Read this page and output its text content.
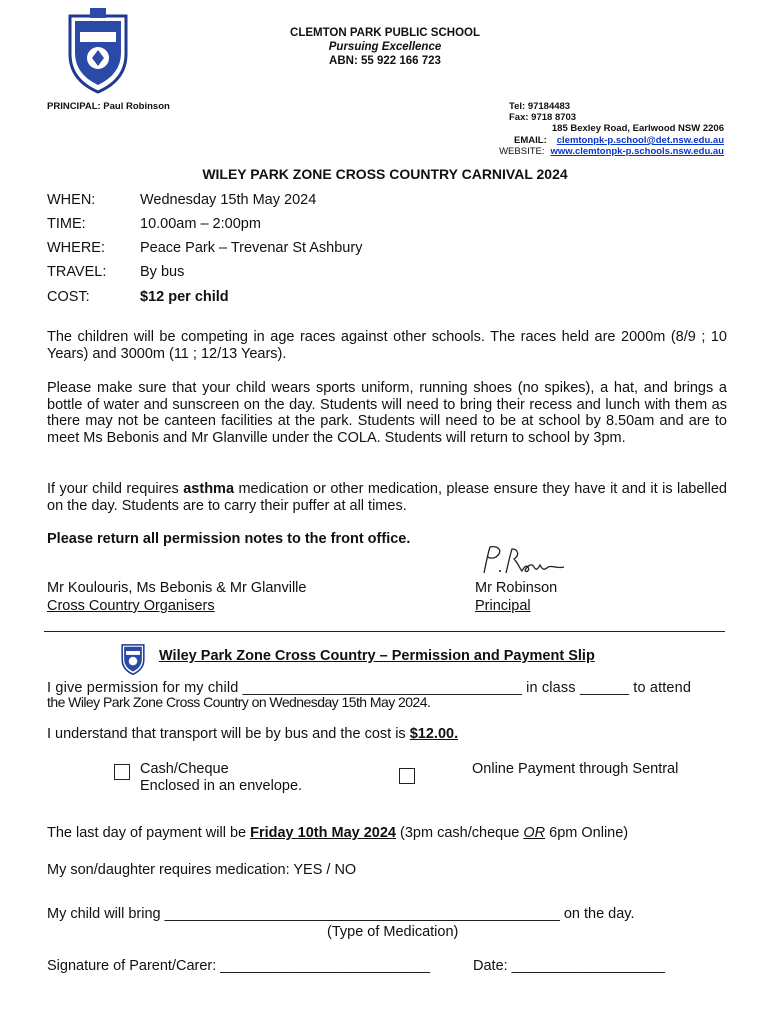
CLEMTON PARK PUBLIC SCHOOL
Pursuing Excellence
ABN: 55 922 166 723
PRINCIPAL: Paul Robinson	Tel: 97184483
Fax: 9718 8703
185 Bexley Road, Earlwood NSW 2206
EMAIL: clemtonpk-p.school@det.nsw.edu.au
WEBSITE: www.clemtonpk-p.schools.nsw.edu.au
WILEY PARK ZONE CROSS COUNTRY CARNIVAL 2024
WHEN:	Wednesday 15th May 2024
TIME:	10.00am – 2:00pm
WHERE: Peace Park – Trevenar St Ashbury
TRAVEL: By bus
COST:	$12 per child
The children will be competing in age races against other schools. The races held are 2000m (8/9 ; 10 Years) and 3000m (11 ; 12/13 Years).
Please make sure that your child wears sports uniform, running shoes (no spikes), a hat, and brings a bottle of water and sunscreen on the day. Students will need to bring their recess and lunch with them as there may not be canteen facilities at the park. Students will need to be at school by 8.50am and are to meet Ms Bebonis and Mr Glanville under the COLA. Students will return to school by 3pm.
If your child requires asthma medication or other medication, please ensure they have it and it is labelled on the day. Students are to carry their puffer at all times.
Please return all permission notes to the front office.
Mr Koulouris, Ms Bebonis & Mr Glanville
Cross Country Organisers
Mr Robinson
Principal
Wiley Park Zone Cross Country – Permission and Payment Slip
I give permission for my child __________________________________ in class ______ to attend
the Wiley Park Zone Cross Country on Wednesday 15th May 2024.
I understand that transport will be by bus and the cost is $12.00.
Cash/Cheque
Enclosed in an envelope.
Online Payment through Sentral
The last day of payment will be Friday 10th May 2024 (3pm cash/cheque OR 6pm Online)
My son/daughter requires medication: YES / NO
My child will bring _________________________________________________ on the day.
(Type of Medication)
Signature of Parent/Carer: __________________________	Date: ___________________
